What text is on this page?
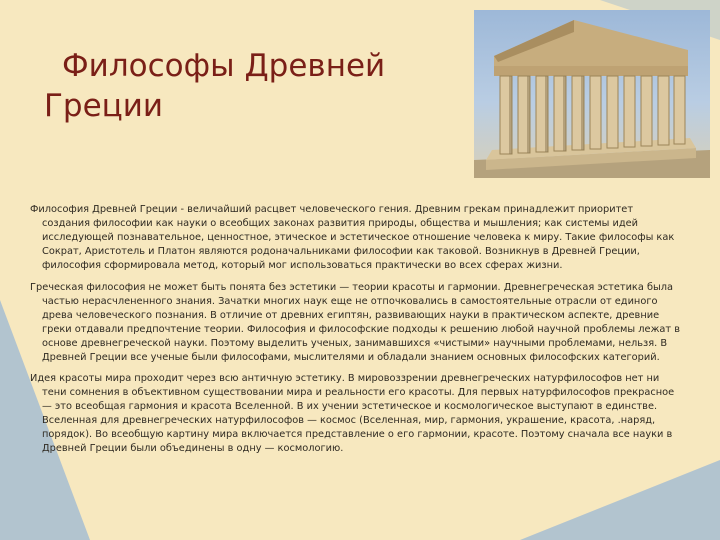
Философы Древней Греции

Философия Древней Греции - величайший расцвет человеческого гения. Древним грекам принадлежит приоритет создания философии как науки о всеобщих законах развития природы, общества и мышления; как системы идей исследующей познавательное, ценностное, этическое и эстетическое отношение человека к миру. Такие философы как Сократ, Аристотель и Платон являются родоначальниками философии как таковой. Возникнув в Древней Греции, философия сформировала метод, который мог использоваться практически во всех сферах жизни.

Греческая философия не может быть понята без эстетики — теории красоты и гармонии. Древнегреческая эстетика была частью нерасчлененного знания. Зачатки многих наук еще не отпочковались в самостоятельные отрасли от единого древа человеческого познания. В отличие от древних египтян, развивающих науки в практическом аспекте, древние греки отдавали предпочтение теории. Философия и философские подходы к решению любой научной проблемы лежат в основе древнегреческой науки. Поэтому выделить ученых, занимавшихся «чистыми» научными проблемами, нельзя. В Древней Греции все ученые были философами, мыслителями и обладали знанием основных философских категорий.

Идея красоты мира проходит через всю античную эстетику. В мировоззрении древнегреческих натурфилософов нет ни тени сомнения в объективном существовании мира и реальности его красоты. Для первых натурфилософов прекрасное — это всеобщая гармония и красота Вселенной. В их учении эстетическое и космологическое выступают в единстве. Вселенная для древнегреческих натурфилософов — космос (Вселенная, мир, гармония, украшение, красота, .наряд, порядок). Во всеобщую картину мира включается представление о его гармонии, красоте. Поэтому сначала все науки в Древней Греции были объединены в одну — космологию.
